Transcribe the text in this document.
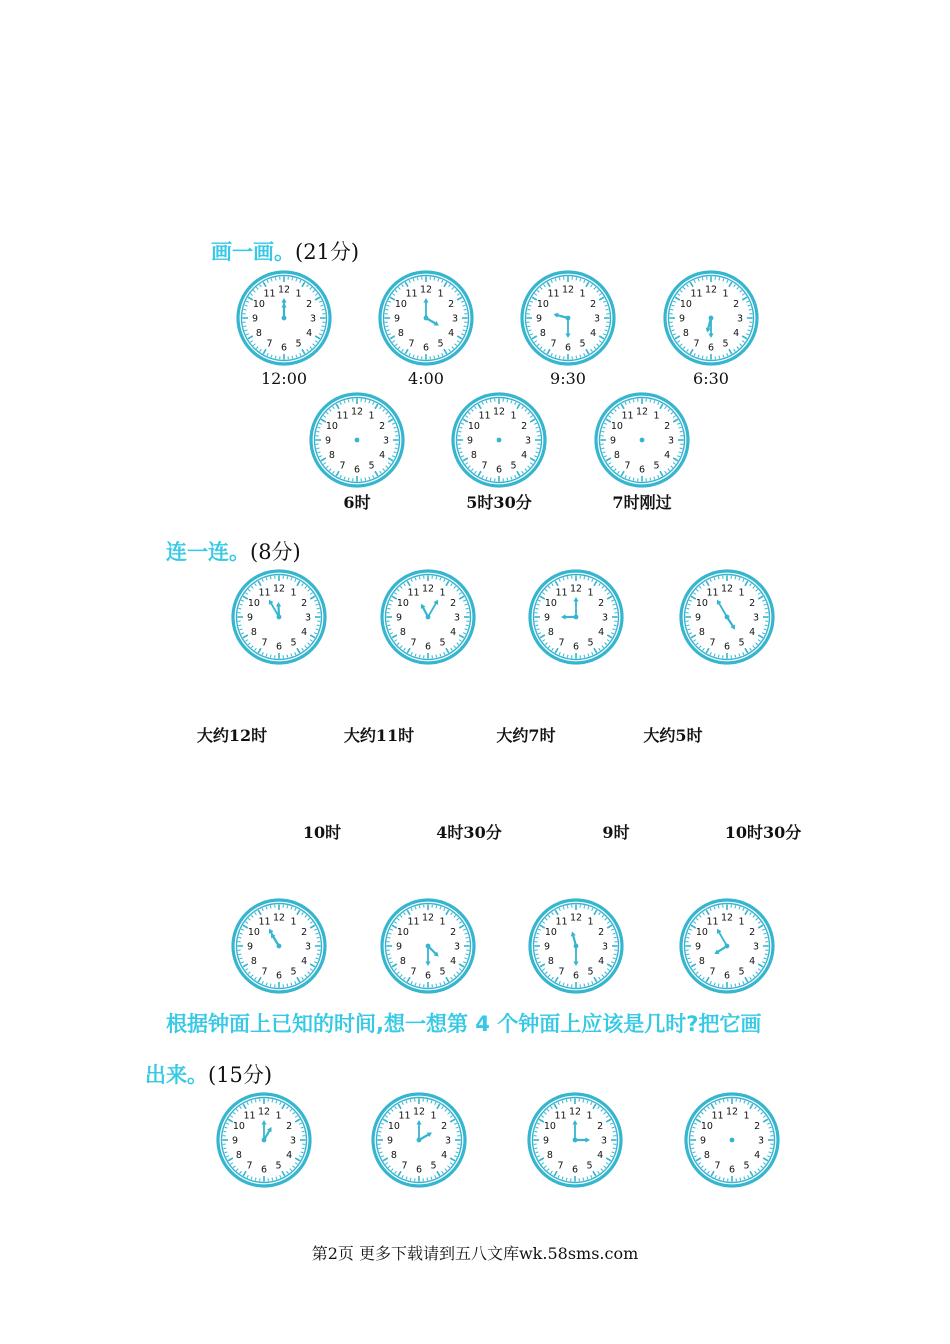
画一画。(21分)
连一连。(8分)
根据钟面上已知的时间,想一想第 4 个钟面上应该是几时?把它画
出来。(15分)
1
2
3
4
5
6
7
8
9
10
11 12
12:00
1
2
3
4
5
6
7
8
9
10
11 12
4:00
1
2
3
4
5
6
7
8
9
10
11 12
9:30
1
2
3
4
5
6
7
8
9
10
11 12
6:30
1
2
3
4
5
6
7
8
9
10
11 12
6时
1
2
3
4
5
6
7
8
9
10
11 12
5时30分
1
2
3
4
5
6
7
8
9
10
11 12
7时刚过
1
2
3
4
5
6
7
8
9
10
11 12	1
2
3
4
5
6
7
8
9
10
11 12	1
2
3
4
5
6
7
8
9
10
11 12	1
2
3
4
5
6
7
8
9
10
11 12
大约12时	大约11时	大约7时	大约5时
10时	4时30分	9时	10时30分
1
2
3
4
5
6
7
8
9
10
11 12	1
2
3
4
5
6
7
8
9
10
11 12	1
2
3
4
5
6
7
8
9
10
11 12	1
2
3
4
5
6
7
8
9
10
11 12
1
2
3
4
5
6
7
8
9
10
11 12	1
2
3
4
5
6
7
8
9
10
11 12	1
2
3
4
5
6
7
8
9
10
11 12	1
2
3
4
5
6
7
8
9
10
11 12
第2页 更多下载请到五八文库wk.58sms.com
